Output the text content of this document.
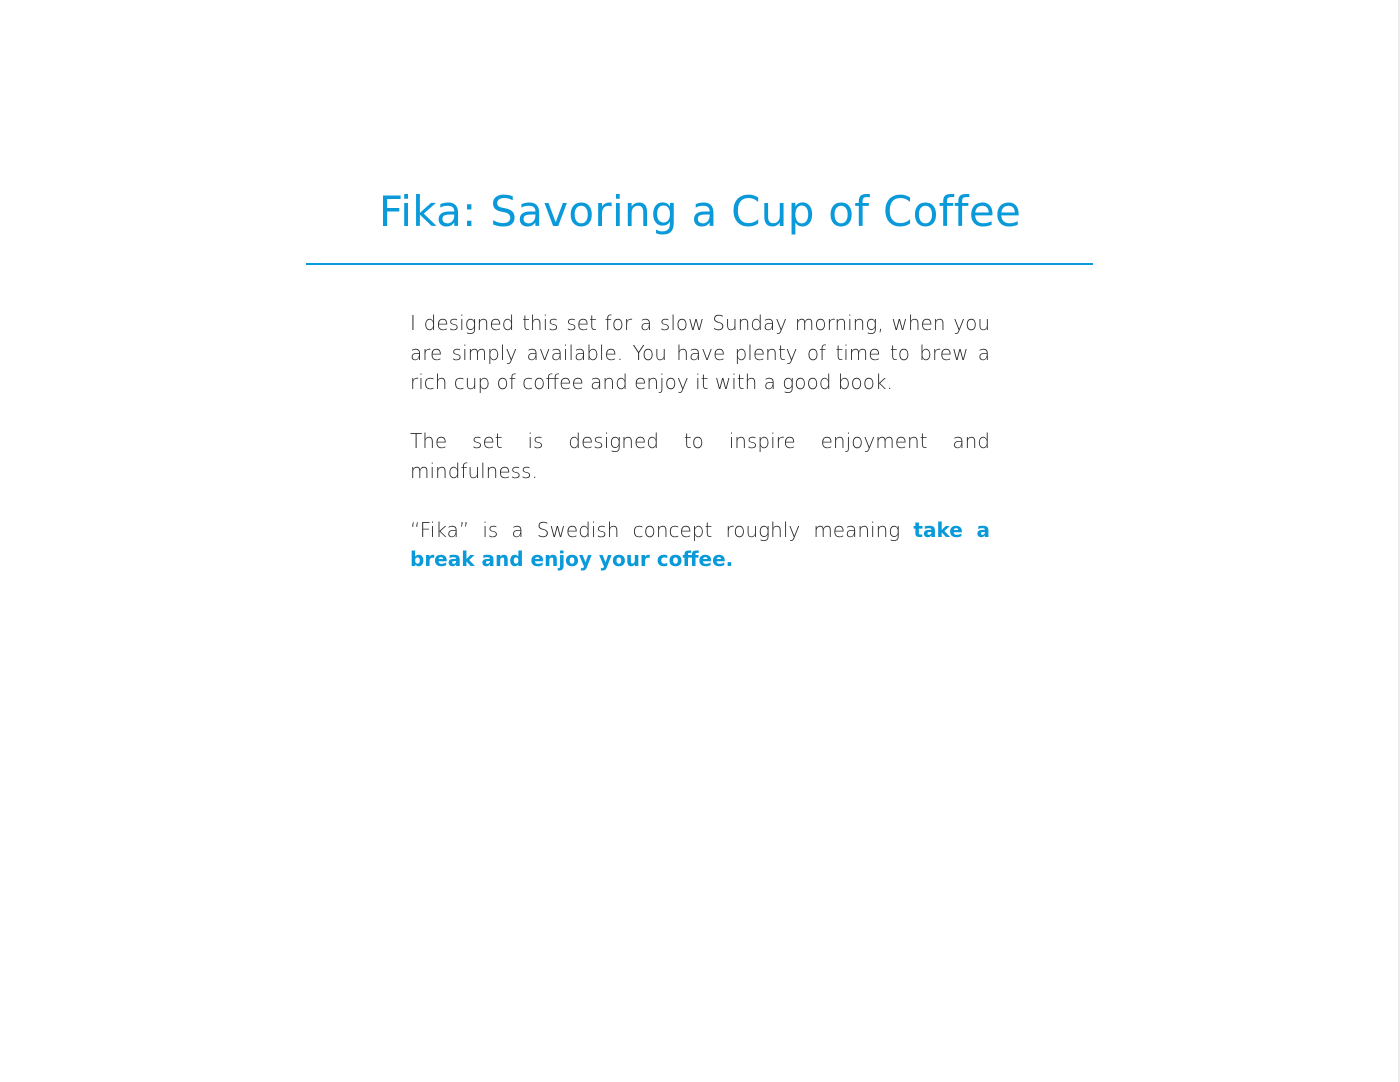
Fika: Savoring a Cup of Coffee

I designed this set for a slow Sunday morning, when you are simply available. You have plenty of time to brew a rich cup of coffee and enjoy it with a good book.

The set is designed to inspire enjoyment and mindfulness.

“Fika” is a Swedish concept roughly meaning take a break and enjoy your coffee.
